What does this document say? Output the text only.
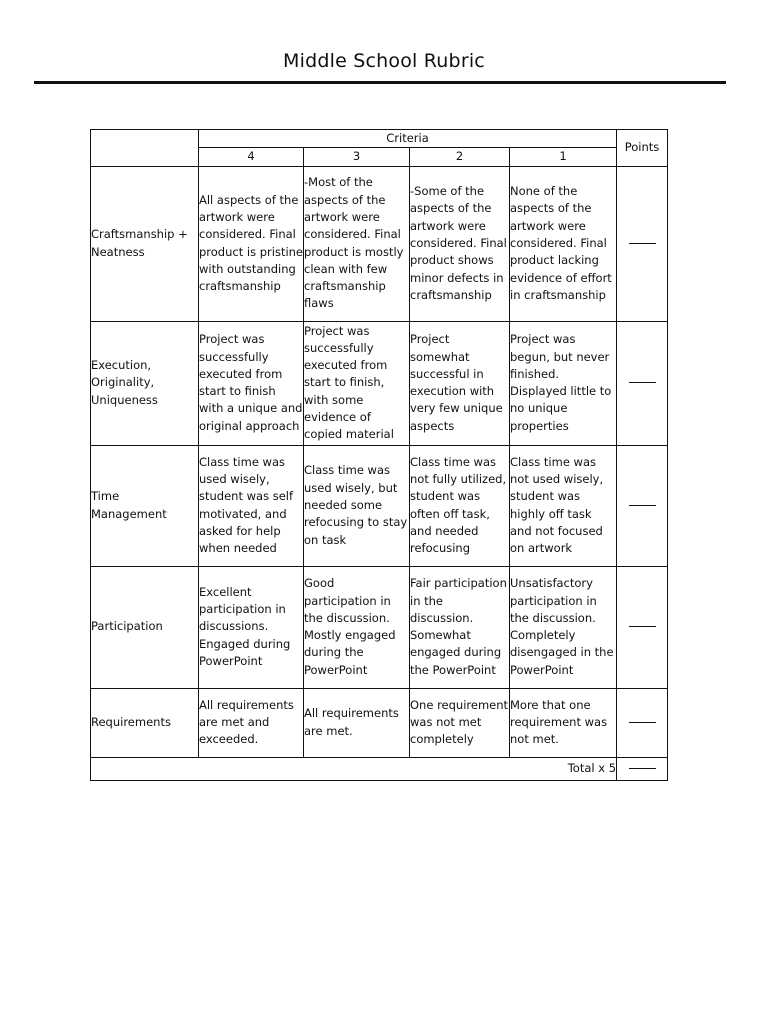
Middle School Rubric
	Criteria				Points
	4	3	2	1	
Craftsmanship + Neatness	All aspects of the artwork were considered. Final product is pristine with outstanding craftsmanship	-Most of the aspects of the artwork were considered. Final product is mostly clean with few craftsmanship flaws	-Some of the aspects of the artwork were considered. Final product shows minor defects in craftsmanship	None of the aspects of the artwork were considered. Final product lacking evidence of effort in craftsmanship	
Execution, Originality, Uniqueness	Project was successfully executed from start to finish with a unique and original approach	Project was successfully executed from start to finish, with some evidence of copied material	Project somewhat successful in execution with very few unique aspects	Project was begun, but never finished. Displayed little to no unique properties	
Time Management	Class time was used wisely, student was self motivated, and asked for help when needed	Class time was used wisely, but needed some refocusing to stay on task	Class time was not fully utilized, student was often off task, and needed refocusing	Class time was not used wisely, student was highly off task and not focused on artwork	
Participation	Excellent participation in discussions. Engaged during PowerPoint	Good participation in the discussion. Mostly engaged during the PowerPoint	Fair participation in the discussion. Somewhat engaged during the PowerPoint	Unsatisfactory participation in the discussion. Completely disengaged in the PowerPoint	
Requirements	All requirements are met and exceeded.	All requirements are met.	One requirement was not met completely	More that one requirement was not met.	
Total x 5					
